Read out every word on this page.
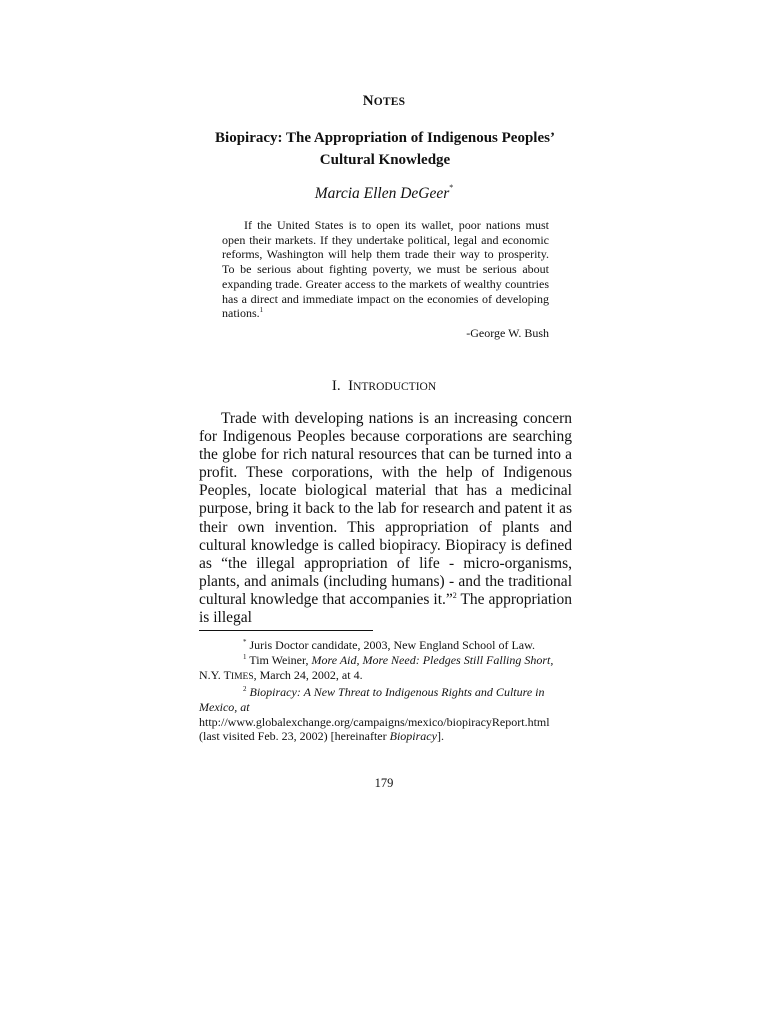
NOTES
Biopiracy: The Appropriation of Indigenous Peoples’
Cultural Knowledge
Marcia Ellen DeGeer*
If the United States is to open its wallet, poor nations must open their markets. If they undertake political, legal and economic reforms, Washington will help them trade their way to prosperity. To be serious about fighting poverty, we must be serious about expanding trade. Greater access to the markets of wealthy countries has a direct and immediate impact on the economies of developing nations.$^1$
-George W. Bush
I. INTRODUCTION
Trade with developing nations is an increasing concern for Indigenous Peoples because corporations are searching the globe for rich natural resources that can be turned into a profit. These corporations, with the help of Indigenous Peoples, locate biological material that has a medicinal purpose, bring it back to the lab for research and patent it as their own invention. This appropriation of plants and cultural knowledge is called biopiracy. Biopiracy is defined as “the illegal appropriation of life - micro-organisms, plants, and animals (including humans) - and the traditional cultural knowledge that accompanies it.”$^2$ The appropriation is illegal

* Juris Doctor candidate, 2003, New England School of Law.

$^1$ Tim Weiner, More Aid, More Need: Pledges Still Falling Short, N.Y. TIMES, March 24, 2002, at 4.

$^2$ Biopiracy: A New Threat to Indigenous Rights and Culture in Mexico, at

http://www.globalexchange.org/campaigns/mexico/biopiracyReport.html

(last visited Feb. 23, 2002) [hereinafter Biopiracy].

179
